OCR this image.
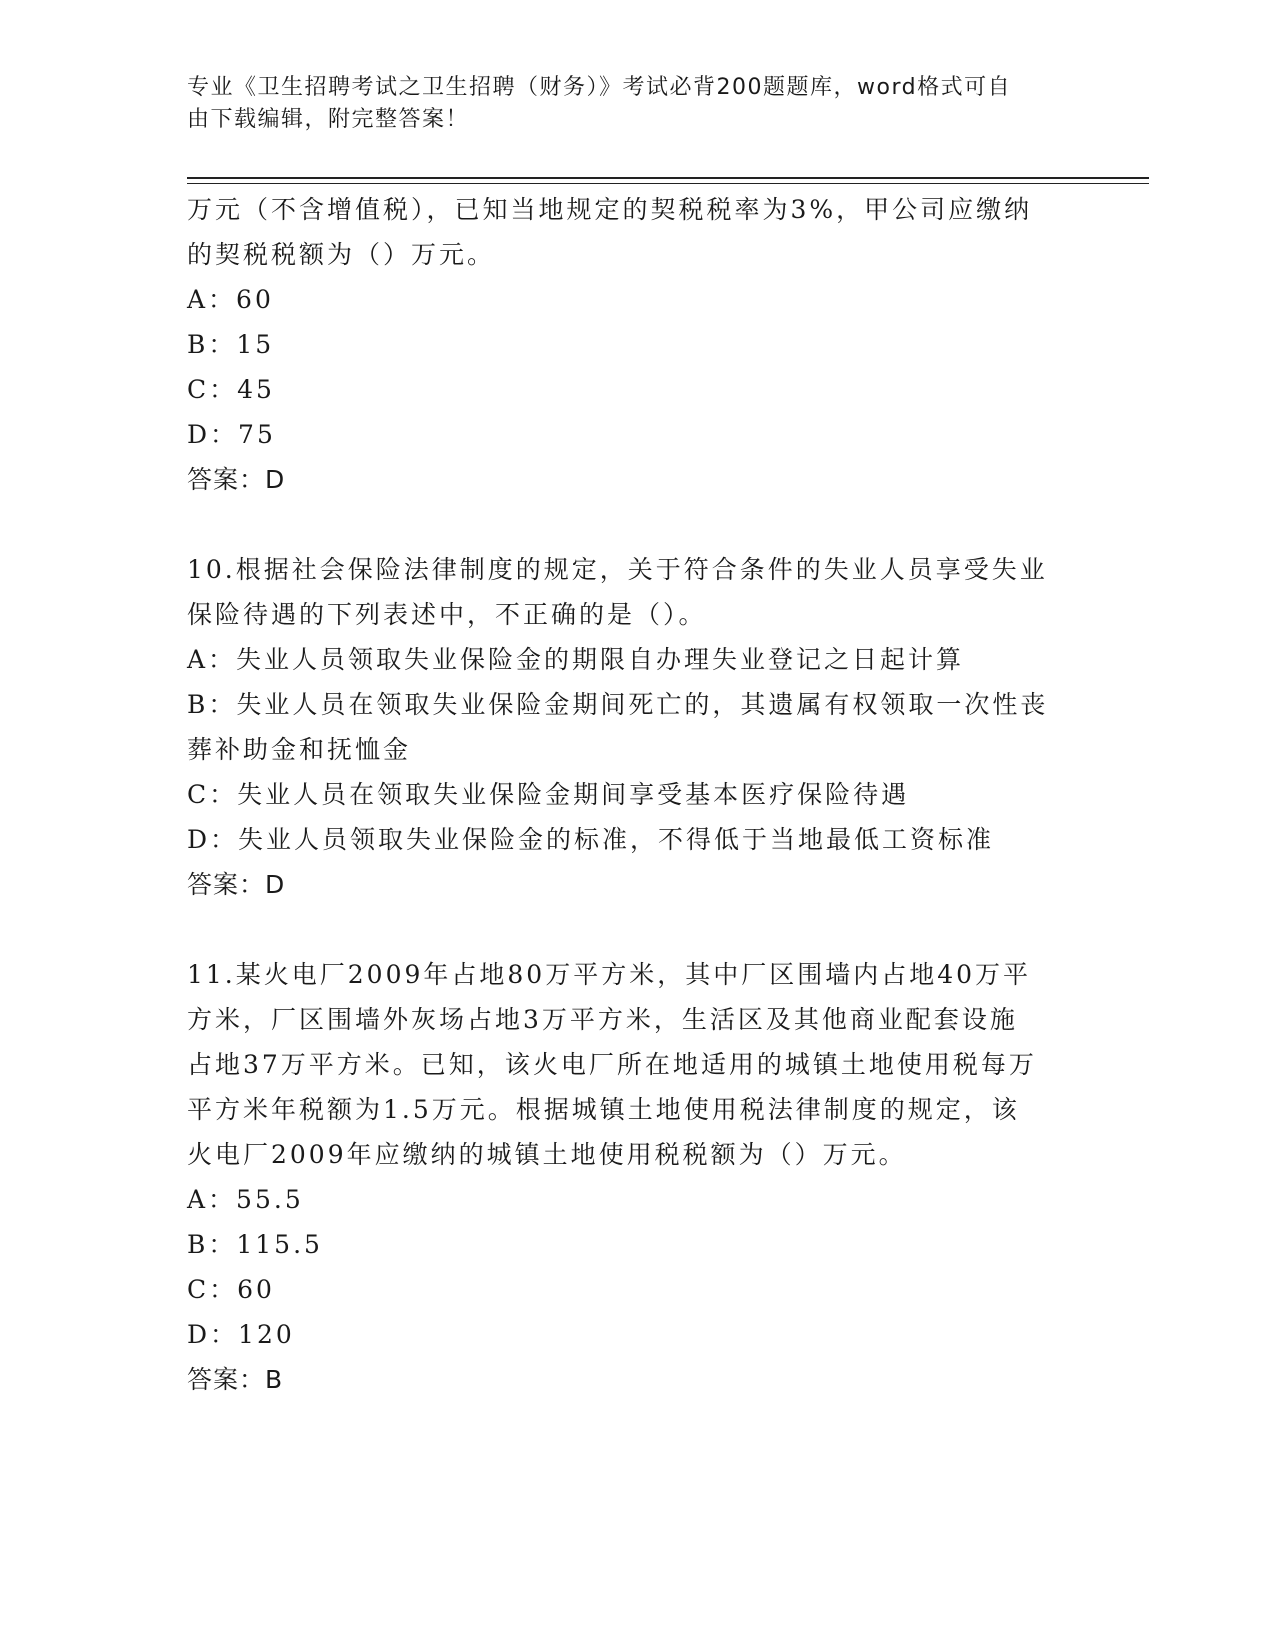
专业《卫生招聘考试之卫生招聘（财务）》考试必背200题题库，word格式可自
由下载编辑，附完整答案！
万元（不含增值税），已知当地规定的契税税率为3%，甲公司应缴纳
的契税税额为（）万元。
A：60
B：15
C：45
D：75
答案：D
10.根据社会保险法律制度的规定，关于符合条件的失业人员享受失业
保险待遇的下列表述中，不正确的是（）。
A：失业人员领取失业保险金的期限自办理失业登记之日起计算
B：失业人员在领取失业保险金期间死亡的，其遗属有权领取一次性丧
葬补助金和抚恤金
C：失业人员在领取失业保险金期间享受基本医疗保险待遇
D：失业人员领取失业保险金的标准，不得低于当地最低工资标准
答案：D
11.某火电厂2009年占地80万平方米，其中厂区围墙内占地40万平
方米，厂区围墙外灰场占地3万平方米，生活区及其他商业配套设施
占地37万平方米。已知，该火电厂所在地适用的城镇土地使用税每万
平方米年税额为1.5万元。根据城镇土地使用税法律制度的规定，该
火电厂2009年应缴纳的城镇土地使用税税额为（）万元。
A：55.5
B：115.5
C：60
D：120
答案：B
